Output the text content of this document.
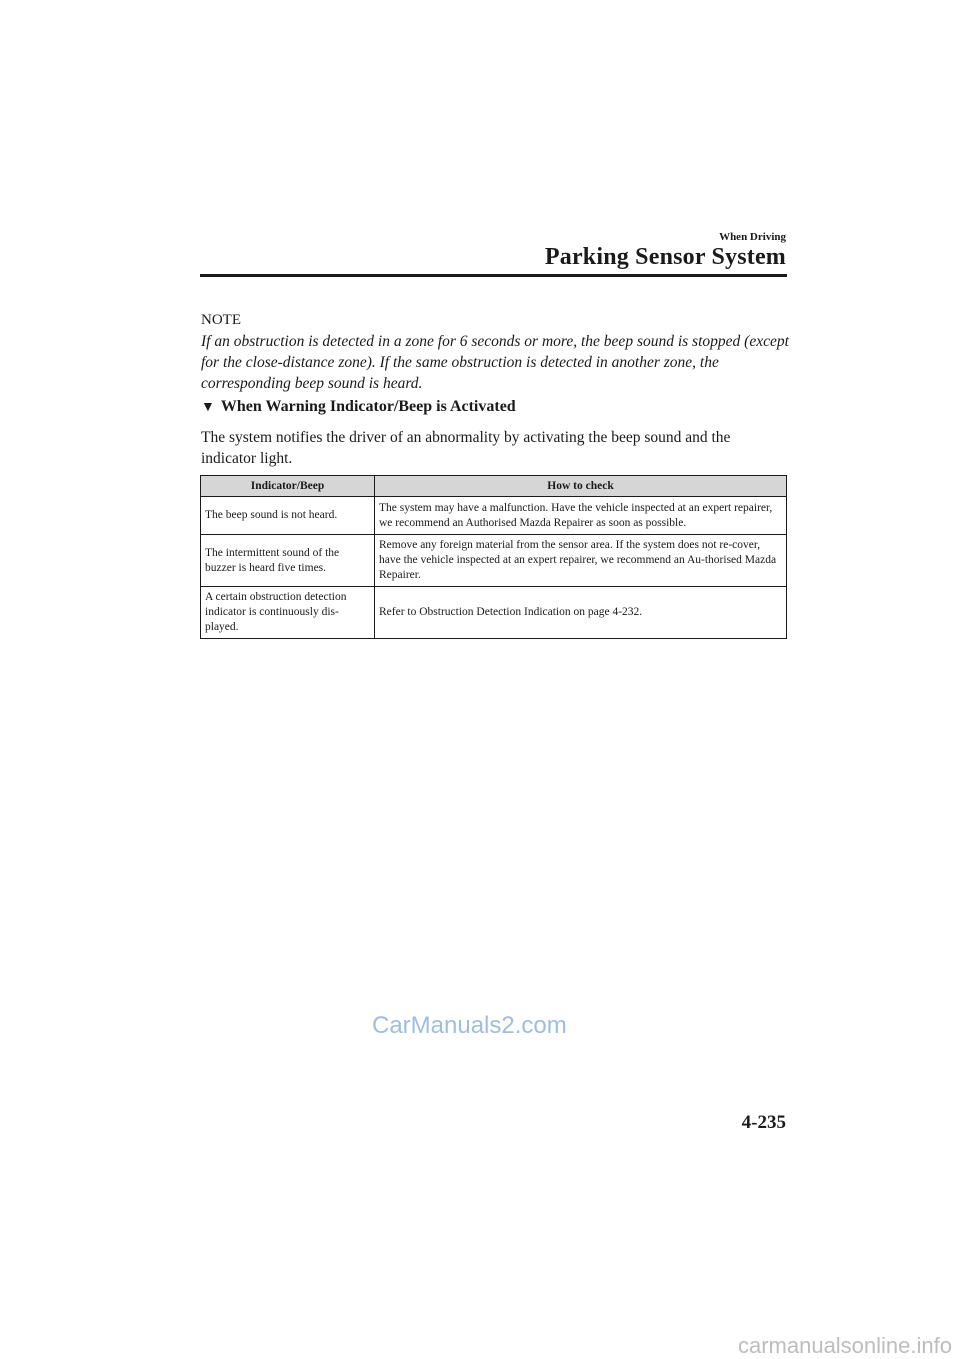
When Driving
Parking Sensor System
NOTE
If an obstruction is detected in a zone for 6 seconds or more, the beep sound is stopped (except for the close-distance zone). If the same obstruction is detected in another zone, the corresponding beep sound is heard.
▼ When Warning Indicator/Beep is Activated
The system notifies the driver of an abnormality by activating the beep sound and the indicator light.
Indicator/Beep	How to check
The beep sound is not heard.	The system may have a malfunction. Have the vehicle inspected at an expert repairer, we recommend an Authorised Mazda Repairer as soon as possible.
The intermittent sound of the buzzer is heard five times.	Remove any foreign material from the sensor area. If the system does not re-cover, have the vehicle inspected at an expert repairer, we recommend an Au-thorised Mazda Repairer.
A certain obstruction detection indicator is continuously dis-played.	Refer to Obstruction Detection Indication on page 4-232.
CarManuals2.com
4-235
carmanualsonline.info
